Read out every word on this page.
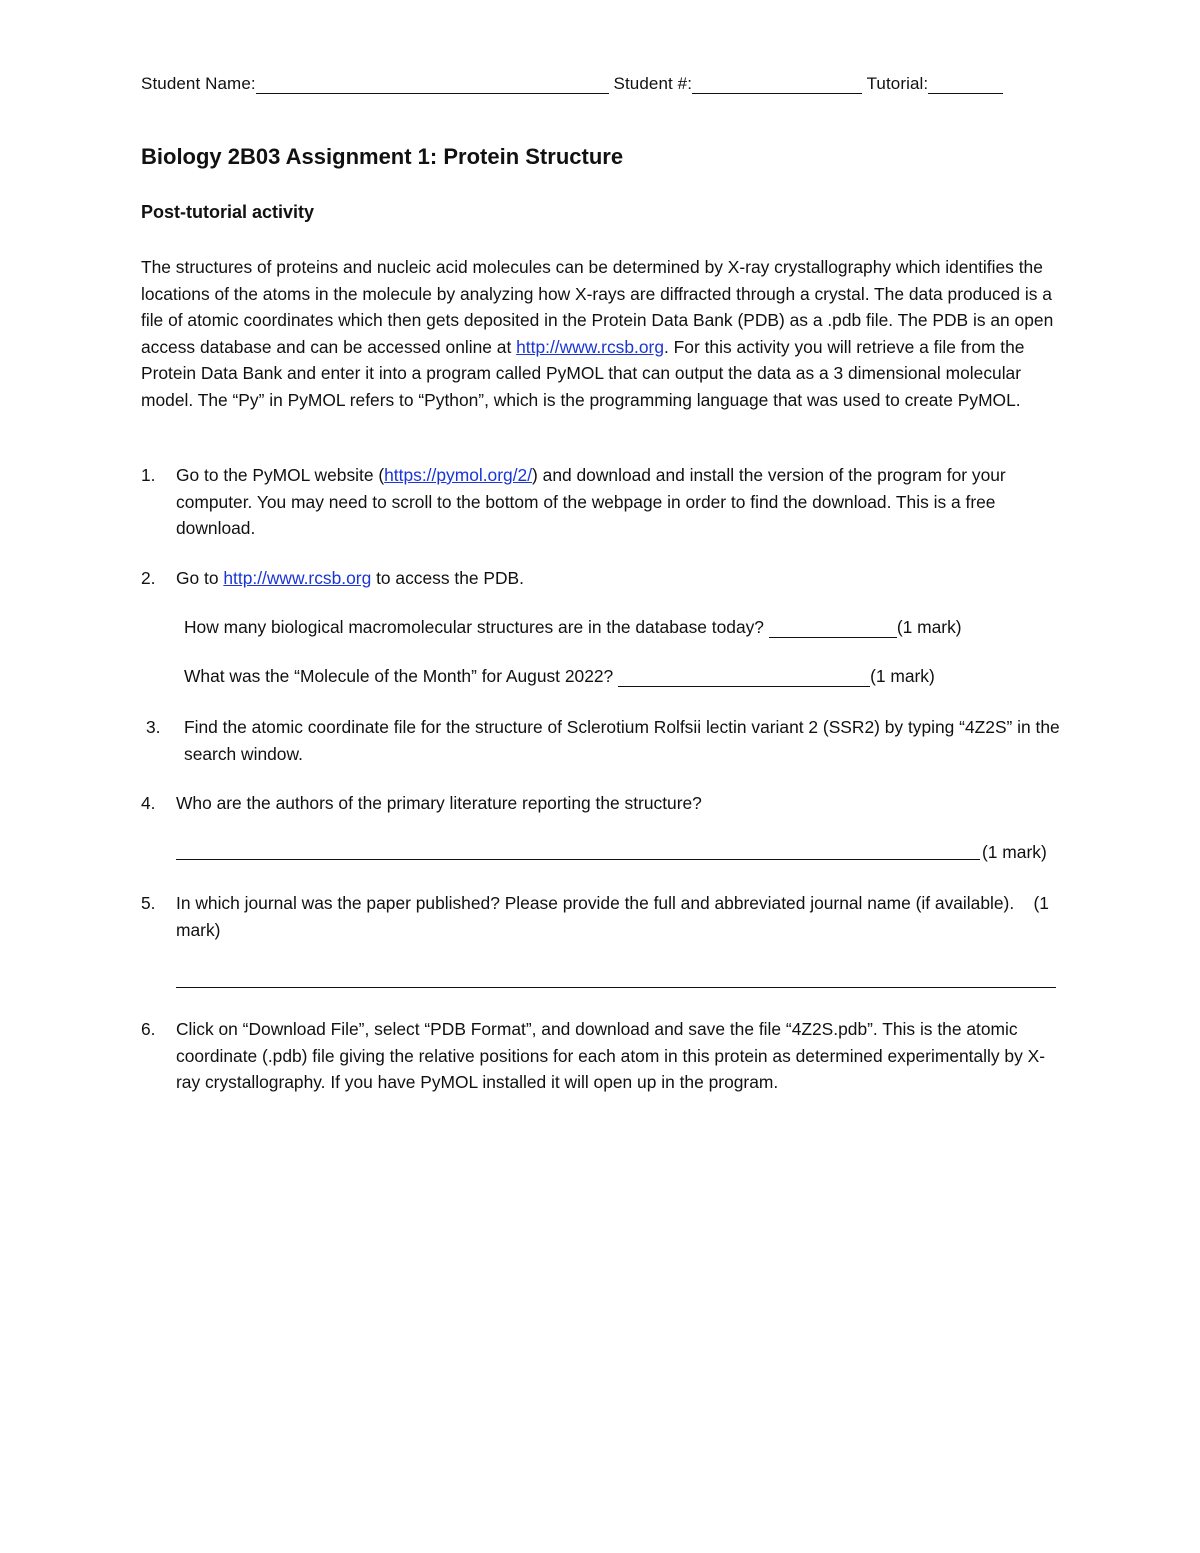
Student Name:	Student #:	Tutorial:
Biology 2B03 Assignment 1: Protein Structure
Post-tutorial activity
The structures of proteins and nucleic acid molecules can be determined by X-ray crystallography which identifies the locations of the atoms in the molecule by analyzing how X-rays are diffracted through a crystal. The data produced is a file of atomic coordinates which then gets deposited in the Protein Data Bank (PDB) as a .pdb file. The PDB is an open access database and can be accessed online at http://www.rcsb.org. For this activity you will retrieve a file from the Protein Data Bank and enter it into a program called PyMOL that can output the data as a 3 dimensional molecular model. The “Py” in PyMOL refers to “Python”, which is the programming language that was used to create PyMOL.
1. Go to the PyMOL website (https://pymol.org/2/) and download and install the version of the program for your computer. You may need to scroll to the bottom of the webpage in order to find the download. This is a free download.
2. Go to http://www.rcsb.org to access the PDB.
How many biological macromolecular structures are in the database today?	(1 mark)
What was the “Molecule of the Month” for August 2022?	(1 mark)
3. Find the atomic coordinate file for the structure of Sclerotium Rolfsii lectin variant 2 (SSR2) by typing “4Z2S” in the search window.
4. Who are the authors of the primary literature reporting the structure?
(1 mark)
5. In which journal was the paper published? Please provide the full and abbreviated journal name (if available).    (1 mark)
6. Click on “Download File”, select “PDB Format”, and download and save the file “4Z2S.pdb”. This is the atomic coordinate (.pdb) file giving the relative positions for each atom in this protein as determined experimentally by X-ray crystallography. If you have PyMOL installed it will open up in the program.
